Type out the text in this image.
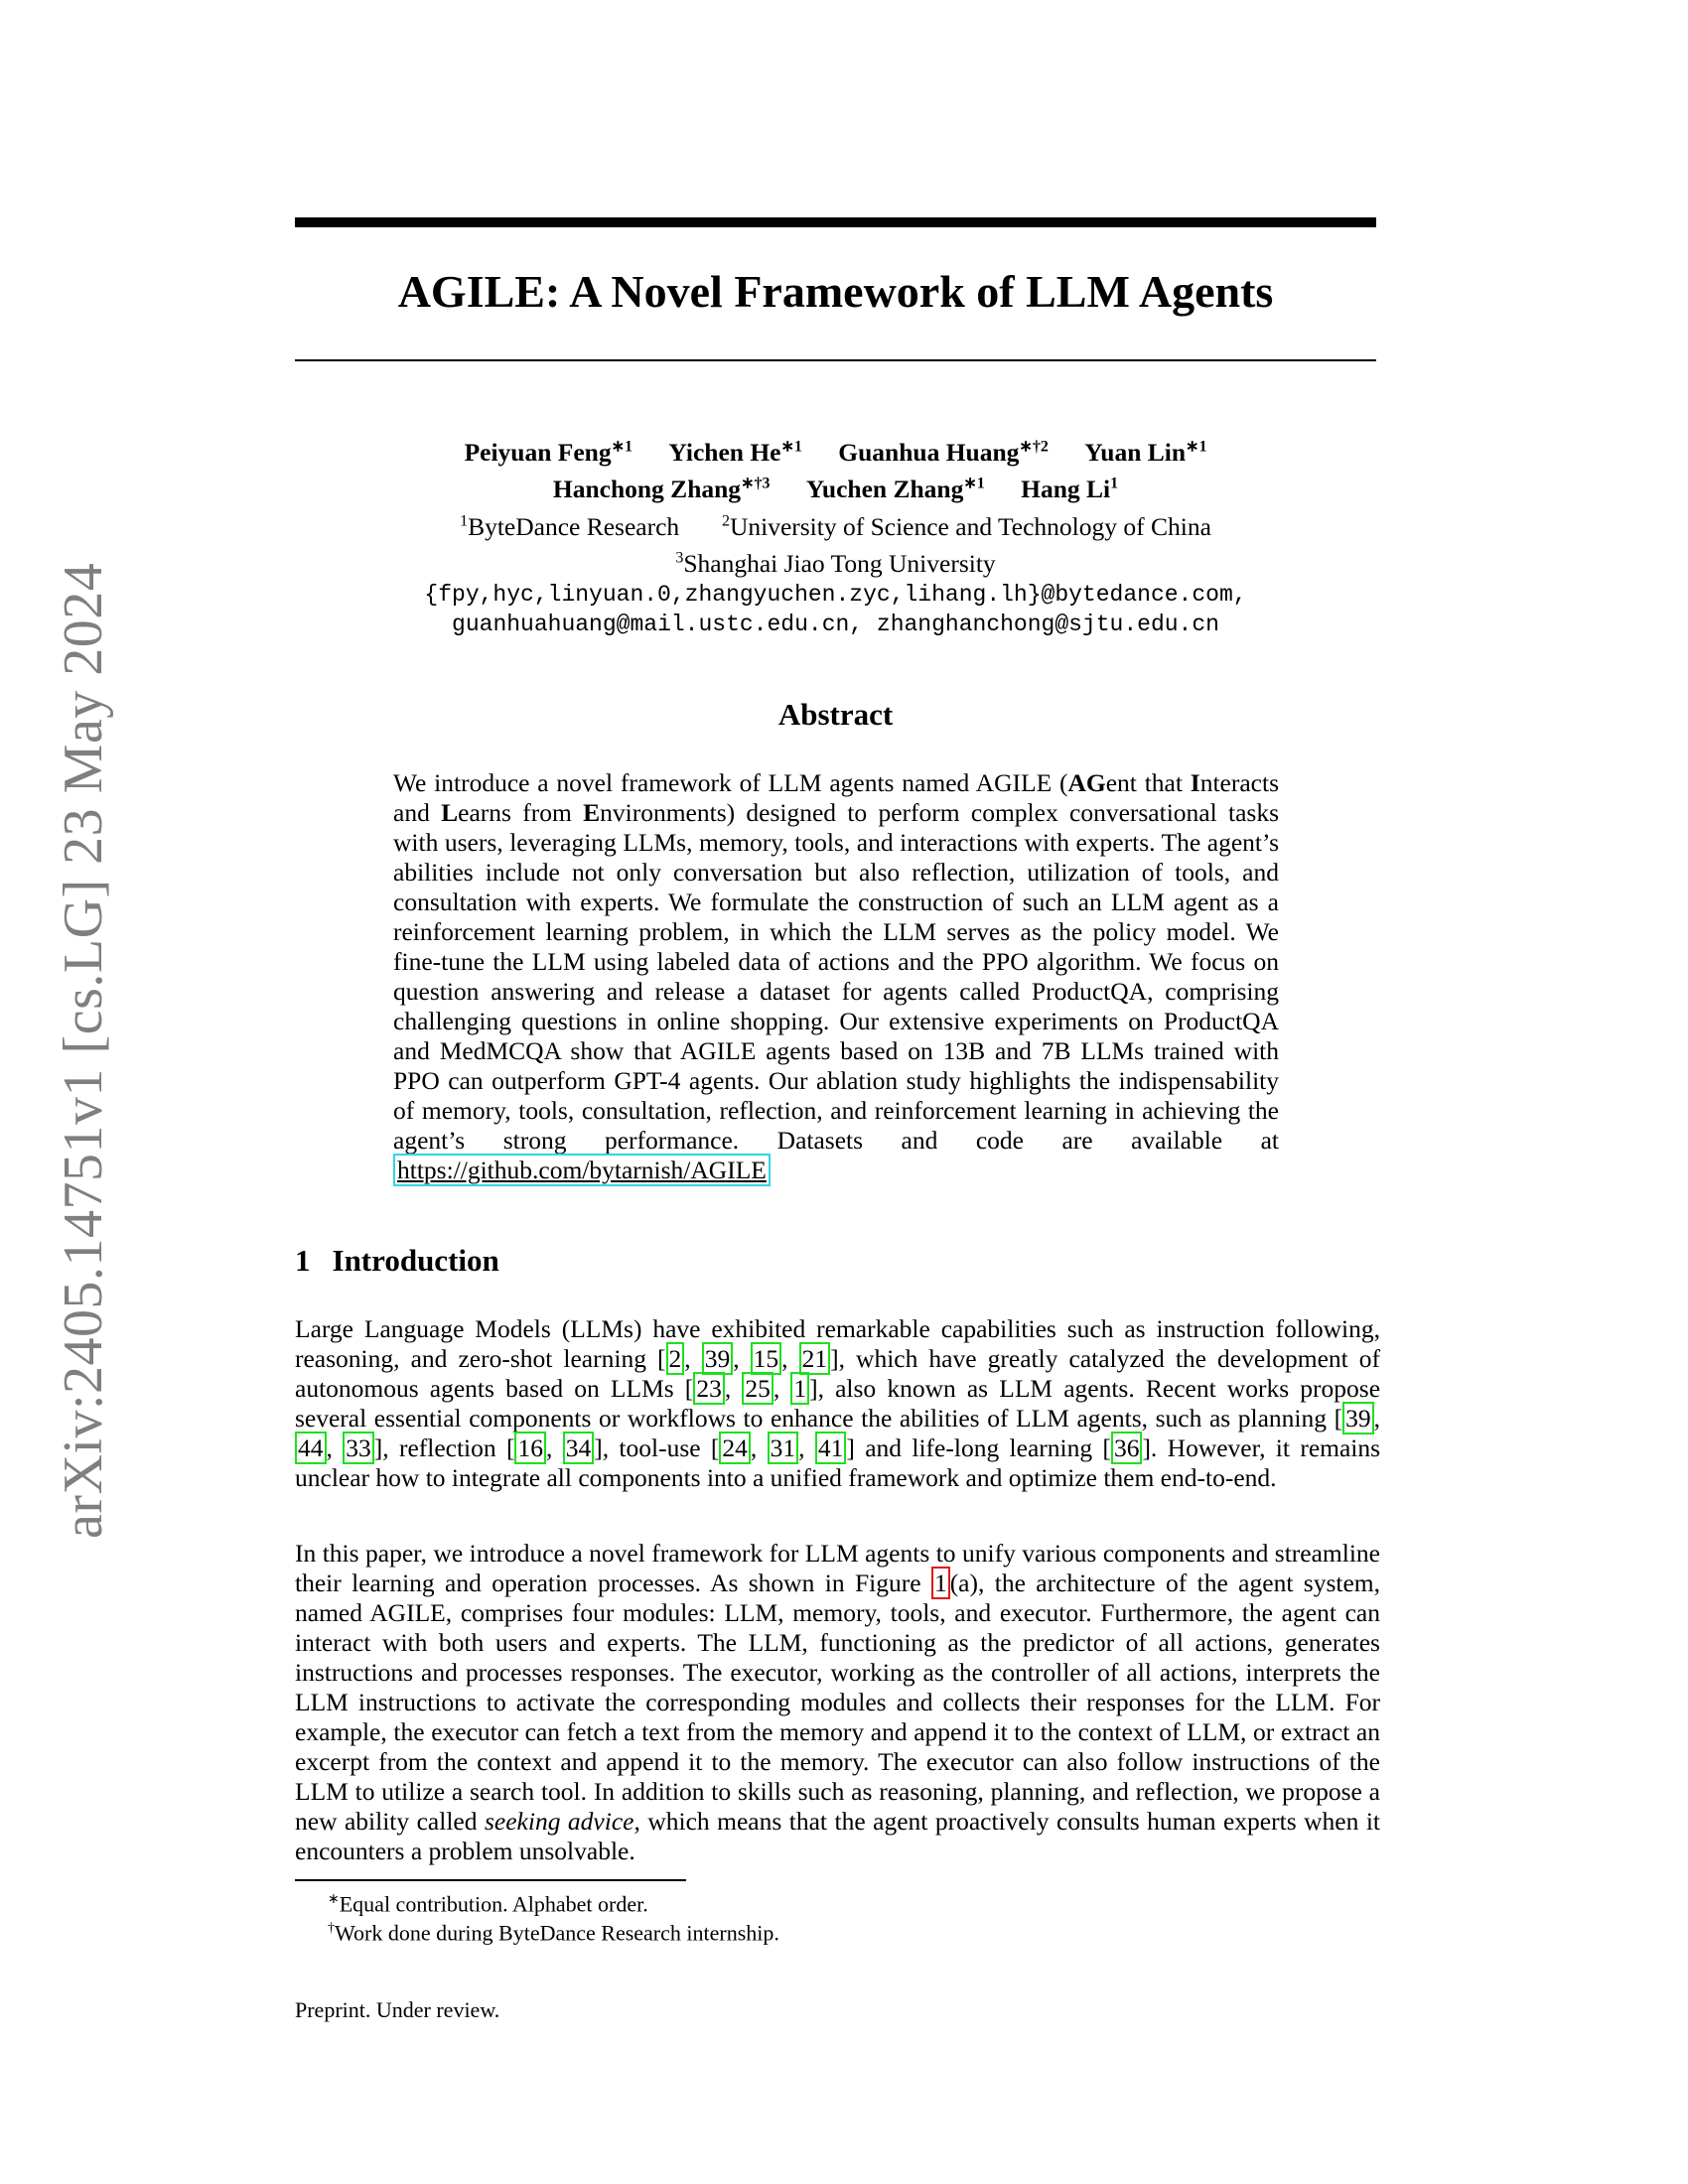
arXiv:2405.14751v1 [cs.LG] 23 May 2024
AGILE: A Novel Framework of LLM Agents
Peiyuan Feng$^{∗1}$ Yichen $He^{∗1}$ Guanhua Huang$^{∗\dagger 2}$ Yuan Lin$^{∗1}$
Hanchong Zhang$^{∗\dagger 3}$ Yuchen Zhang$^{∗1}$ Hang Li$^1$
$^1$ByteDance Research	$^2$University of Science and Technology of China
$^3$Shanghai Jiao Tong University
{fpy,hyc,linyuan.0,zhangyuchen.zyc,lihang.lh}@bytedance.com,
guanhuahuang@mail.ustc.edu.cn, zhanghanchong@sjtu.edu.cn
Abstract
We introduce a novel framework of LLM agents named AGILE (AGent that Interacts and Learns from Environments) designed to perform complex conversational tasks with users, leveraging LLMs, memory, tools, and interactions with experts. The agent’s abilities include not only conversation but also reflection, utilization of tools, and consultation with experts. We formulate the construction of such an LLM agent as a reinforcement learning problem, in which the LLM serves as the policy model. We fine-tune the LLM using labeled data of actions and the PPO algorithm. We focus on question answering and release a dataset for agents called ProductQA, comprising challenging questions in online shopping. Our extensive experiments on ProductQA and MedMCQA show that AGILE agents based on 13B and 7B LLMs trained with PPO can outperform GPT-4 agents. Our ablation study highlights the indispensability of memory, tools, consultation, reflection, and reinforcement learning in achieving the agent’s strong performance. Datasets and code are available at https://github.com/bytarnish/AGILE
1 Introduction
Large Language Models (LLMs) have exhibited remarkable capabilities such as instruction following, reasoning, and zero-shot learning [ 2 , 39 , 15 , 21 ], which have greatly catalyzed the development of autonomous agents based on LLMs [ 23 , 25 , 1 ], also known as LLM agents. Recent works propose several essential components or workflows to enhance the abilities of LLM agents, such as planning [ 39 , 44 , 33 ], reflection [ 16 , 34 ], tool-use [ 24 , 31 , 41 ] and life-long learning [ 36 ]. However, it remains unclear how to integrate all components into a unified framework and optimize them end-to-end.
In this paper, we introduce a novel framework for LLM agents to unify various components and streamline their learning and operation processes. As shown in Figure 1 (a), the architecture of the agent system, named AGILE, comprises four modules: LLM, memory, tools, and executor. Furthermore, the agent can interact with both users and experts. The LLM, functioning as the predictor of all actions, generates instructions and processes responses. The executor, working as the controller of all actions, interprets the LLM instructions to activate the corresponding modules and collects their responses for the LLM. For example, the executor can fetch a text from the memory and append it to the context of LLM, or extract an excerpt from the context and append it to the memory. The executor can also follow instructions of the LLM to utilize a search tool. In addition to skills such as reasoning, planning, and reflection, we propose a new ability called seeking advice, which means that the agent proactively consults human experts when it encounters a problem unsolvable.
∗Equal contribution. Alphabet order.
†Work done during ByteDance Research internship.
Preprint. Under review.
